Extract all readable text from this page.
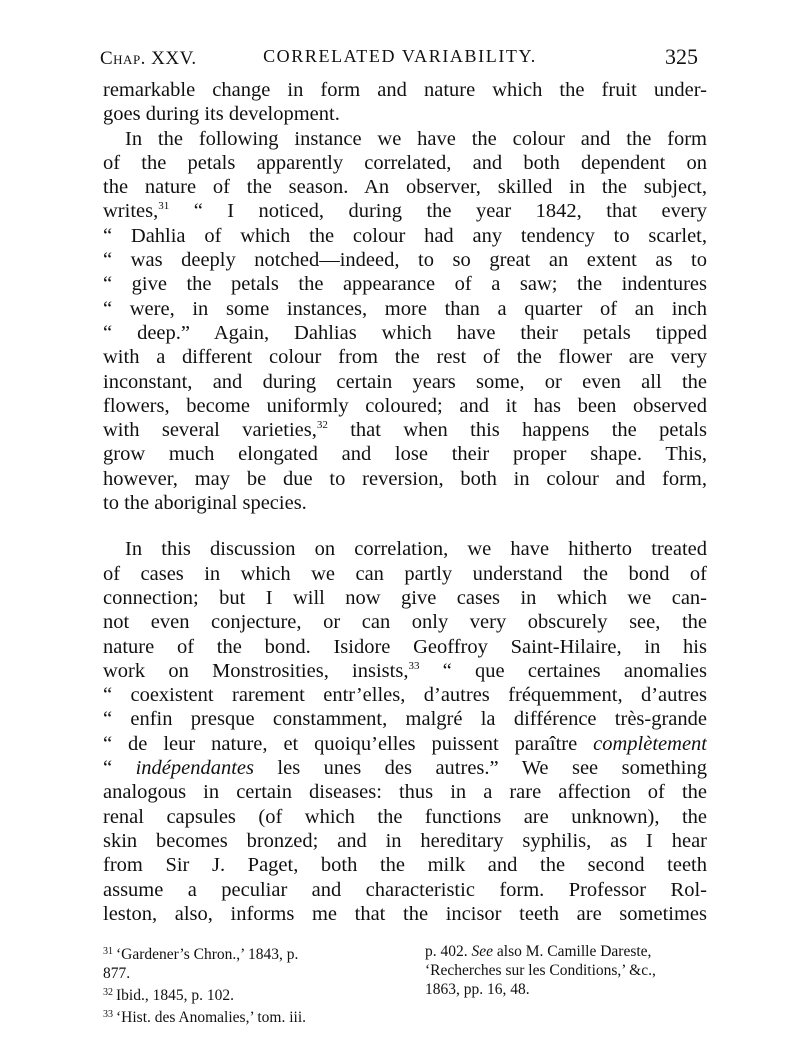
Chap. XXV.	CORRELATED VARIABILITY.	325
remarkable change in form and nature which the fruit under-
goes during its development.
In the following instance we have the colour and the form
of the petals apparently correlated, and both dependent on
the nature of the season. An observer, skilled in the subject,
writes,$^{31}$ “ I noticed, during the year 1842, that every
“ Dahlia of which the colour had any tendency to scarlet,
“ was deeply notched—indeed, to so great an extent as to
“ give the petals the appearance of a saw; the indentures
“ were, in some instances, more than a quarter of an inch
“ deep.” Again, Dahlias which have their petals tipped
with a different colour from the rest of the flower are very
inconstant, and during certain years some, or even all the
flowers, become uniformly coloured; and it has been observed
with several varieties,$^{32}$ that when this happens the petals
grow much elongated and lose their proper shape. This,
however, may be due to reversion, both in colour and form,
to the aboriginal species.
In this discussion on correlation, we have hitherto treated
of cases in which we can partly understand the bond of
connection; but I will now give cases in which we can-
not even conjecture, or can only very obscurely see, the
nature of the bond. Isidore Geoffroy Saint-Hilaire, in his
work on Monstrosities, insists,$^{33}$ “ que certaines anomalies
“ coexistent rarement entr’elles, d’autres fréquemment, d’autres
“ enfin presque constamment, malgré la différence très-grande
“ de leur nature, et quoiqu’elles puissent paraître complètement
“ indépendantes les unes des autres.” We see something
analogous in certain diseases: thus in a rare affection of the
renal capsules (of which the functions are unknown), the
skin becomes bronzed; and in hereditary syphilis, as I hear
from Sir J. Paget, both the milk and the second teeth
assume a peculiar and characteristic form. Professor Rol-
leston, also, informs me that the incisor teeth are sometimes
$^{31}$ ‘Gardener’s Chron.,’ 1843, p.
877.
$^{32}$ Ibid., 1845, p. 102.
$^{33}$ ‘Hist. des Anomalies,’ tom. iii.
p. 402. See also M. Camille Dareste,
‘Recherches sur les Conditions,’ &c.,
1863, pp. 16, 48.
